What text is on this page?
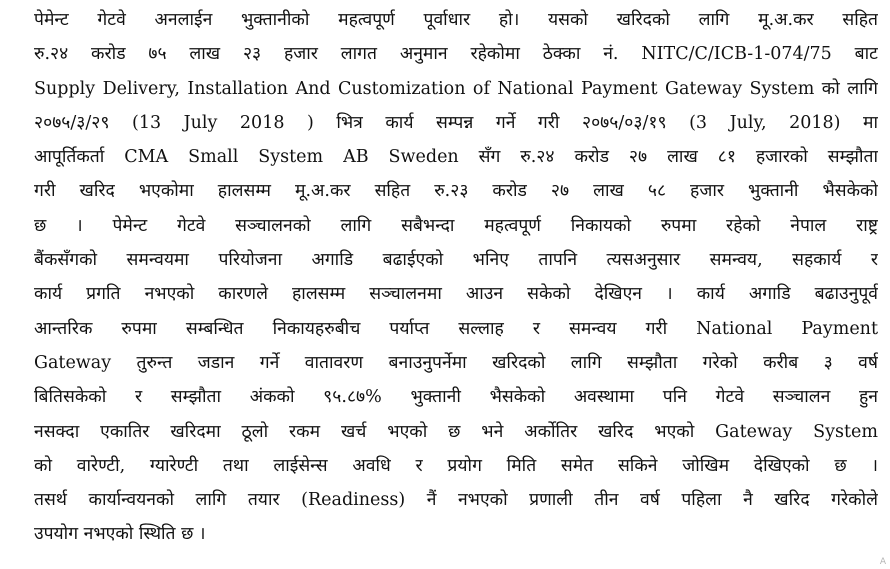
पेमेन्ट गेटवे अनलाईन भुक्तानीको महत्वपूर्ण पूर्वाधार हो। यसको खरिदको लागि मू.अ.कर सहित
रु.२४ करोड ७५ लाख २३ हजार लागत अनुमान रहेकोमा ठेक्का नं. NITC/C/ICB-1-074/75 बाट
Supply Delivery, Installation And Customization of National Payment Gateway System को लागि
२०७५/३/२९ (13 July 2018 ) भित्र कार्य सम्पन्न गर्ने गरी २०७५/०३/१९ (3 July, 2018) मा
आपूर्तिकर्ता CMA Small System AB Sweden सँग रु.२४ करोड २७ लाख ८१ हजारको सम्झौता
गरी खरिद भएकोमा हालसम्म मू.अ.कर सहित रु.२३ करोड २७ लाख ५८ हजार भुक्तानी भैसकेको
छ । पेमेन्ट गेटवे सञ्चालनको लागि सबैभन्दा महत्वपूर्ण निकायको रुपमा रहेको नेपाल राष्ट्र
बैंकसँगको समन्वयमा परियोजना अगाडि बढाईएको भनिए तापनि त्यसअनुसार समन्वय, सहकार्य र
कार्य प्रगति नभएको कारणले हालसम्म सञ्चालनमा आउन सकेको देखिएन । कार्य अगाडि बढाउनुपूर्व
आन्तरिक रुपमा सम्बन्धित निकायहरुबीच पर्याप्त सल्लाह र समन्वय गरी National Payment
Gateway तुरुन्त जडान गर्ने वातावरण बनाउनुपर्नेमा खरिदको लागि सम्झौता गरेको करीब ३ वर्ष
बितिसकेको र सम्झौता अंकको ९५.८७% भुक्तानी भैसकेको अवस्थामा पनि गेटवे सञ्चालन हुन
नसक्दा एकातिर खरिदमा ठूलो रकम खर्च भएको छ भने अर्कोतिर खरिद भएको Gateway System
को वारेण्टी, ग्यारेण्टी तथा लाईसेन्स अवधि र प्रयोग मिति समेत सकिने जोखिम देखिएको छ ।
तसर्थ कार्यान्वयनको लागि तयार (Readiness) नैं नभएको प्रणाली तीन वर्ष पहिला नै खरिद गरेकोले
उपयोग नभएको स्थिति छ ।
A
